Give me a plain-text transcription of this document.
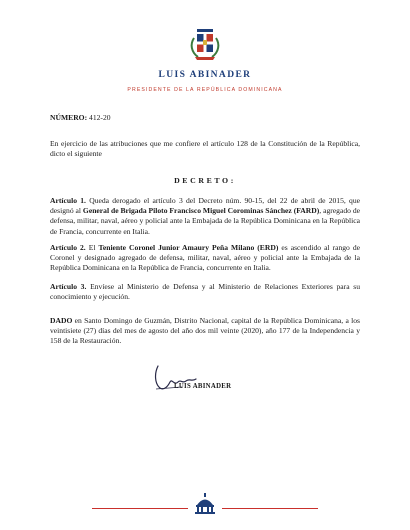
LUIS ABINADER
PRESIDENTE DE LA REPÚBLICA DOMINICANA
NÚMERO: 412-20
En ejercicio de las atribuciones que me confiere el artículo 128 de la Constitución de la República, dicto el siguiente
DECRETO:
Artículo 1. Queda derogado el artículo 3 del Decreto núm. 90-15, del 22 de abril de 2015, que designó al General de Brigada Piloto Francisco Miguel Corominas Sánchez (FARD), agregado de defensa, militar, naval, aéreo y policial ante la Embajada de la República Dominicana en la República de Francia, concurrente en Italia.
Artículo 2. El Teniente Coronel Junior Amaury Peña Milano (ERD) es ascendido al rango de Coronel y designado agregado de defensa, militar, naval, aéreo y policial ante la Embajada de la República Dominicana en la República de Francia, concurrente en Italia.
Artículo 3. Envíese al Ministerio de Defensa y al Ministerio de Relaciones Exteriores para su conocimiento y ejecución.
DADO en Santo Domingo de Guzmán, Distrito Nacional, capital de la República Dominicana, a los veintisiete (27) días del mes de agosto del año dos mil veinte (2020), año 177 de la Independencia y 158 de la Restauración.
LUIS ABINADER
